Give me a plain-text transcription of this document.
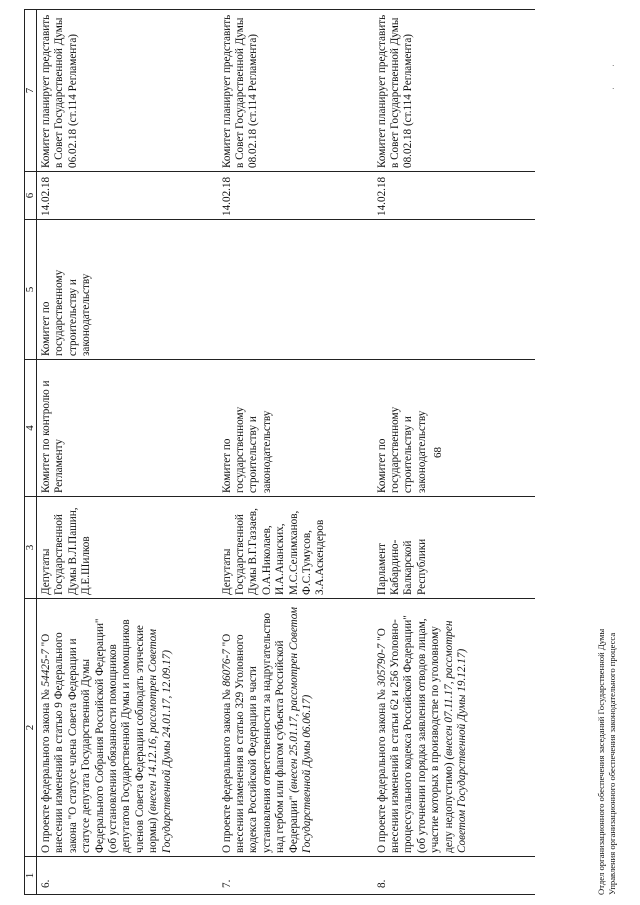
68
1	2	3	4	5	6	7
6.	О проекте федерального закона № 54425-7 "О внесении изменений в статью 9 Федерального закона "О статусе члена Совета Федерации и статусе депутата Государственной Думы Федерального Собрания Российской Федерации" (об установлении обязанности помощников депутатов Государственной Думы и помощников членов Совета Федерации соблюдать этические нормы) (внесен 14.12.16, рассмотрен Советом Государственной Думы 24.01.17, 12.09.17)	Депутаты Государственной Думы В.Л.Пашин, Д.Е.Шилков	Комитет по контролю и Регламенту	Комитет по государственному строительству и законодательству	14.02.18	Комитет планирует представить в Совет Государственной Думы 06.02.18 (ст.114 Регламента)
7.	О проекте федерального закона № 86076-7 "О внесении изменения в статью 329 Уголовного кодекса Российской Федерации в части установления ответственности за надругательство над гербом или флагом субъекта Российской Федерации" (внесен 25.01.17, рассмотрен Советом Государственной Думы 06.06.17)	Депутаты Государственной Думы В.Г.Газзаев, О.А.Николаев, И.А.Ананских, М.С.Селимханов, Ф.С.Тумусов, З.А.Аскендеров	Комитет по государственному строительству и законодательству		14.02.18	Комитет планирует представить в Совет Государственной Думы 08.02.18 (ст.114 Регламента)
8.	О проекте федерального закона № 305790-7 "О внесении изменений в статьи 62 и 256 Уголовно-процессуального кодекса Российской Федерации" (об уточнении порядка заявления отводов лицам, участие которых в производстве по уголовному делу недопустимо) (внесен 07.11.17, рассмотрен Советом Государственной Думы 19.12.17)	Парламент Кабардино-Балкарской Республики	Комитет по государственному строительству и законодательству		14.02.18	Комитет планирует представить в Совет Государственной Думы 08.02.18 (ст.114 Регламента)
Отдел организационного обеспечения заседаний Государственной Думы Управления организационного обеспечения законодательного процесса
·
·
